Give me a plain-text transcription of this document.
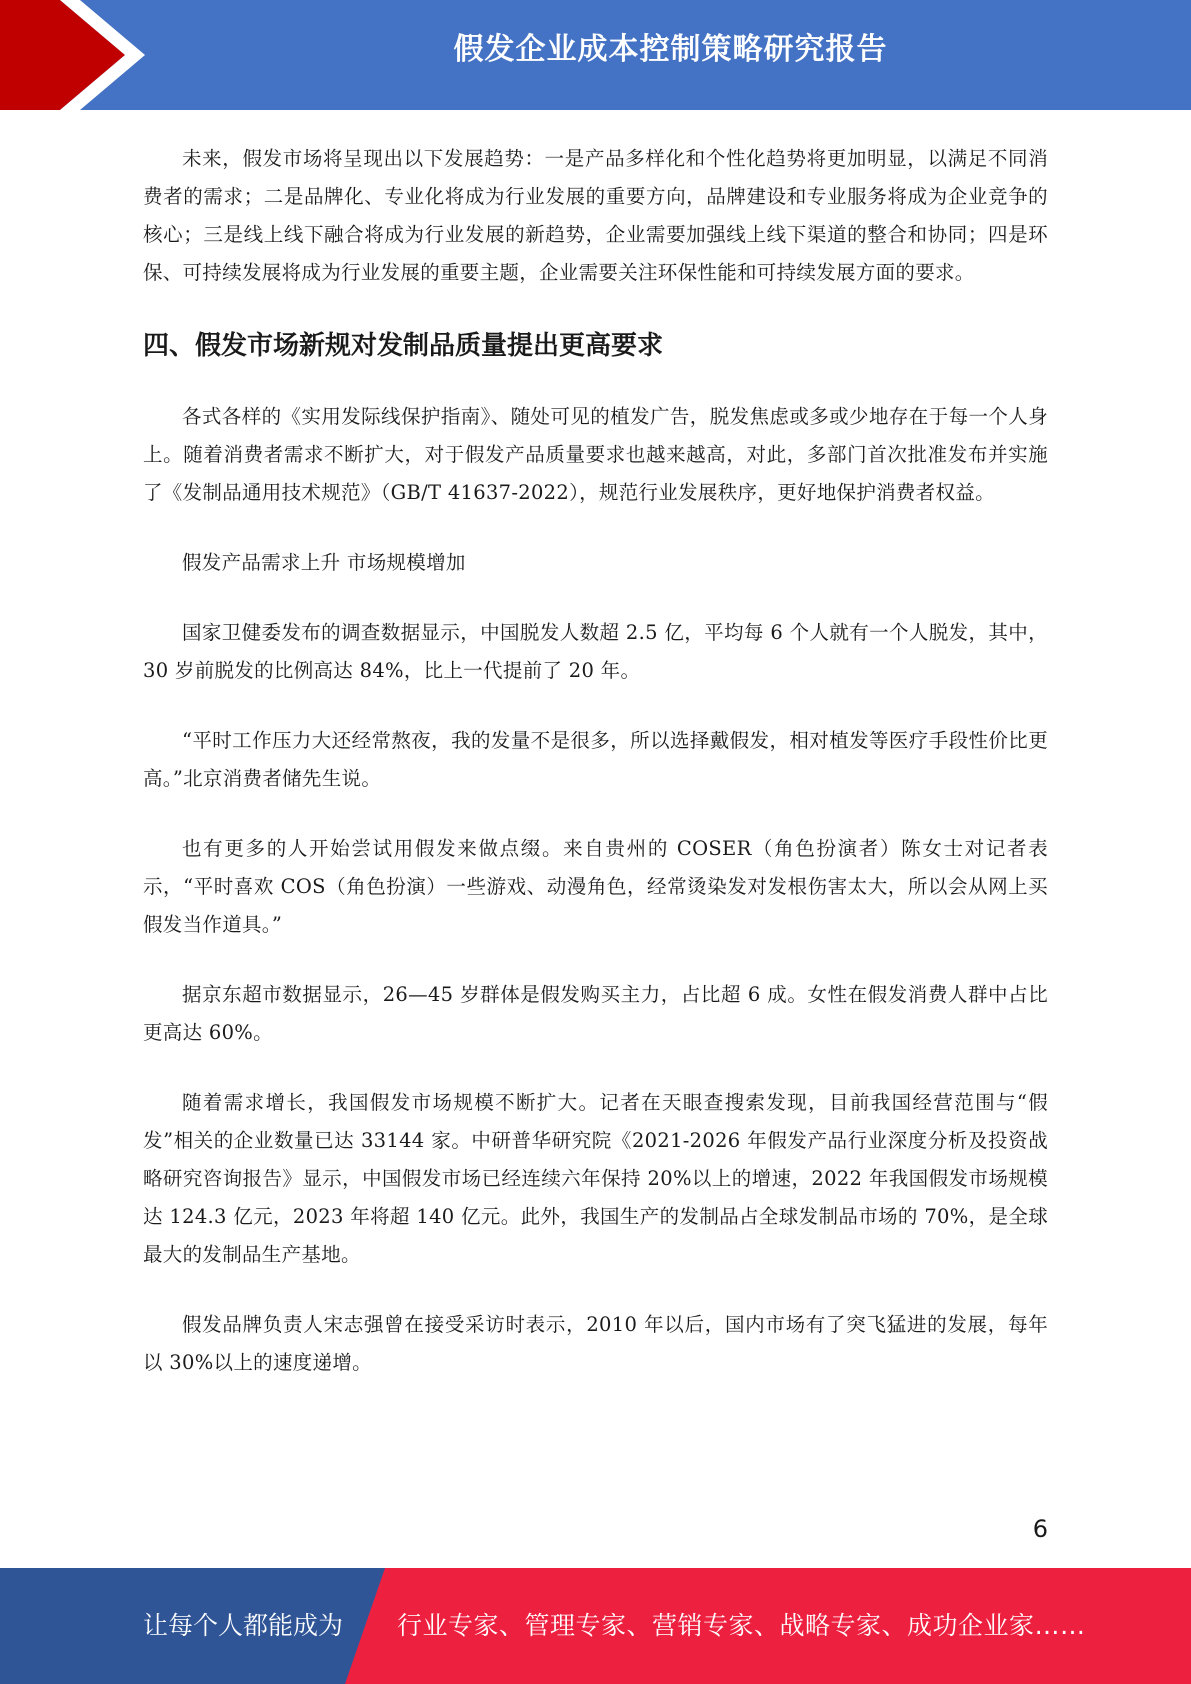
假发企业成本控制策略研究报告

未来，假发市场将呈现出以下发展趋势：一是产品多样化和个性化趋势将更加明显，以满足不同消费者的需求；二是品牌化、专业化将成为行业发展的重要方向，品牌建设和专业服务将成为企业竞争的核心；三是线上线下融合将成为行业发展的新趋势，企业需要加强线上线下渠道的整合和协同；四是环保、可持续发展将成为行业发展的重要主题，企业需要关注环保性能和可持续发展方面的要求。

四、假发市场新规对发制品质量提出更高要求

各式各样的《实用发际线保护指南》、随处可见的植发广告，脱发焦虑或多或少地存在于每一个人身上。随着消费者需求不断扩大，对于假发产品质量要求也越来越高，对此，多部门首次批准发布并实施了《发制品通用技术规范》（GB/T 41637-2022），规范行业发展秩序，更好地保护消费者权益。

假发产品需求上升 市场规模增加

国家卫健委发布的调查数据显示，中国脱发人数超 2.5 亿，平均每 6 个人就有一个人脱发，其中，30 岁前脱发的比例高达 84%，比上一代提前了 20 年。

“平时工作压力大还经常熬夜，我的发量不是很多，所以选择戴假发，相对植发等医疗手段性价比更高。”北京消费者储先生说。

也有更多的人开始尝试用假发来做点缀。来自贵州的 COSER（角色扮演者）陈女士对记者表示，“平时喜欢 COS（角色扮演）一些游戏、动漫角色，经常烫染发对发根伤害太大，所以会从网上买假发当作道具。”

据京东超市数据显示，26—45 岁群体是假发购买主力，占比超 6 成。女性在假发消费人群中占比更高达 60%。

随着需求增长，我国假发市场规模不断扩大。记者在天眼查搜索发现，目前我国经营范围与“假发”相关的企业数量已达 33144 家。中研普华研究院《2021-2026 年假发产品行业深度分析及投资战略研究咨询报告》显示，中国假发市场已经连续六年保持 20%以上的增速，2022 年我国假发市场规模达 124.3 亿元，2023 年将超 140 亿元。此外，我国生产的发制品占全球发制品市场的 70%，是全球最大的发制品生产基地。

假发品牌负责人宋志强曾在接受采访时表示，2010 年以后，国内市场有了突飞猛进的发展，每年以 30%以上的速度递增。

6
让每个人都能成为 行业专家、管理专家、营销专家、战略专家、成功企业家……
